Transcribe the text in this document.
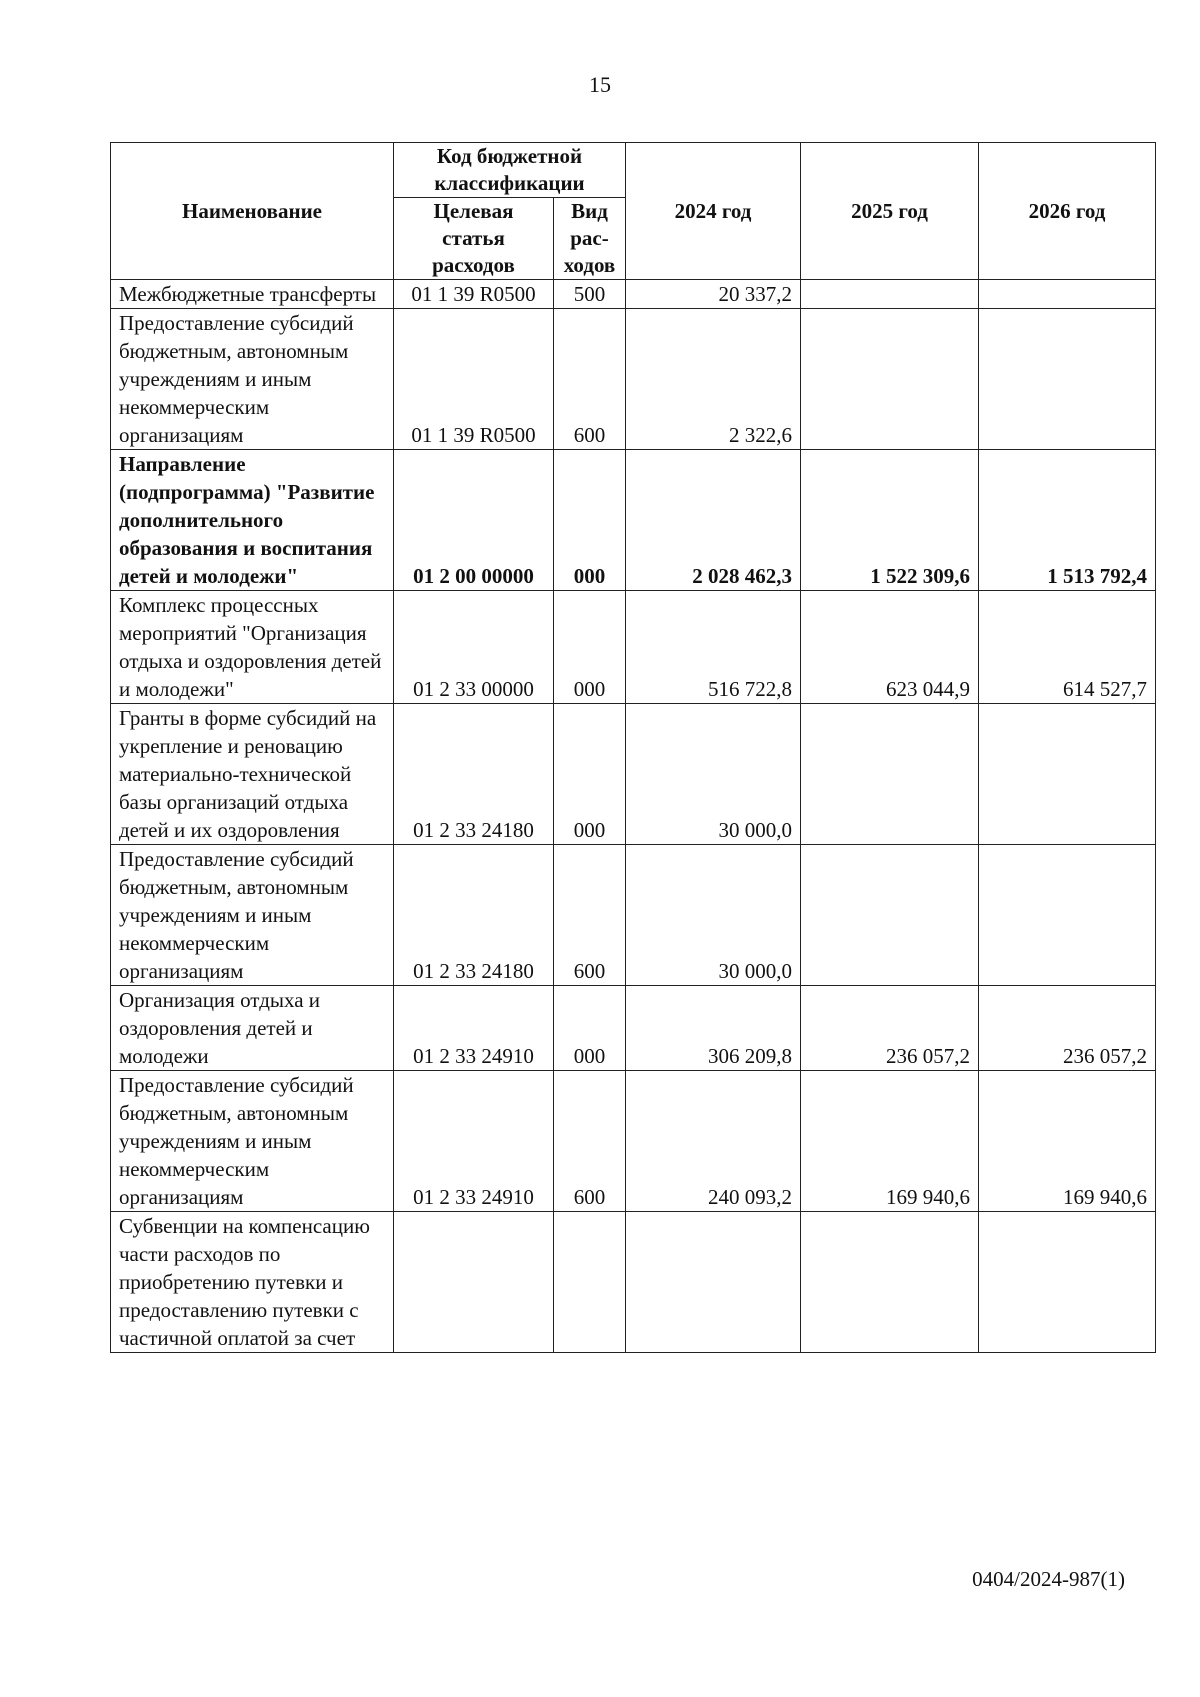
15
Наименование	Код бюджетной классификации		2024 год	2025 год	2026 год
	Целевая статья расходов	Вид рас-ходов			
Межбюджетные трансферты	01 1 39 R0500	500	20 337,2		
Предоставление субсидий бюджетным, автономным учреждениям и иным некоммерческим организациям	01 1 39 R0500	600	2 322,6		
Направление (подпрограмма) "Развитие дополнительного образования и воспитания детей и молодежи"	01 2 00 00000	000	2 028 462,3	1 522 309,6	1 513 792,4
Комплекс процессных мероприятий "Организация отдыха и оздоровления детей и молодежи"	01 2 33 00000	000	516 722,8	623 044,9	614 527,7
Гранты в форме субсидий на укрепление и реновацию материально-технической базы организаций отдыха детей и их оздоровления	01 2 33 24180	000	30 000,0		
Предоставление субсидий бюджетным, автономным учреждениям и иным некоммерческим организациям	01 2 33 24180	600	30 000,0		
Организация отдыха и оздоровления детей и молодежи	01 2 33 24910	000	306 209,8	236 057,2	236 057,2
Предоставление субсидий бюджетным, автономным учреждениям и иным некоммерческим организациям	01 2 33 24910	600	240 093,2	169 940,6	169 940,6
Субвенции на компенсацию части расходов по приобретению путевки и предоставлению путевки с частичной оплатой за счет					
0404/2024-987(1)
